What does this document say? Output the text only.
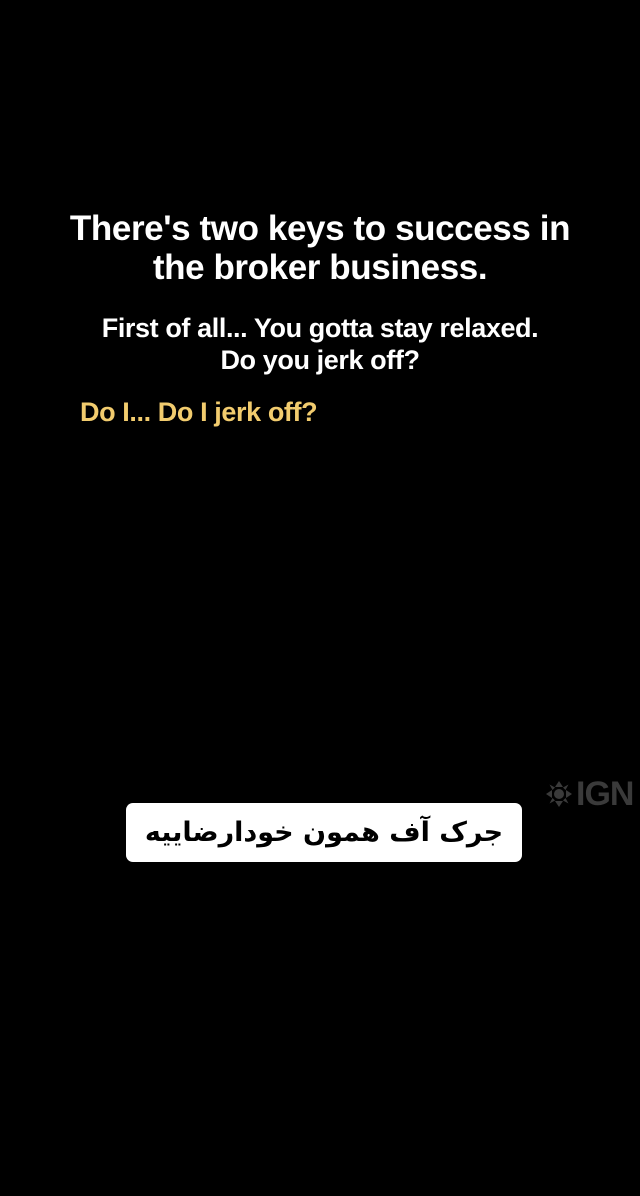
There's two keys to success in

the broker business.

First of all... You gotta stay relaxed.

Do you jerk off?

Do I... Do I jerk off?

IGN
جرک آف همون خودارضاییه
